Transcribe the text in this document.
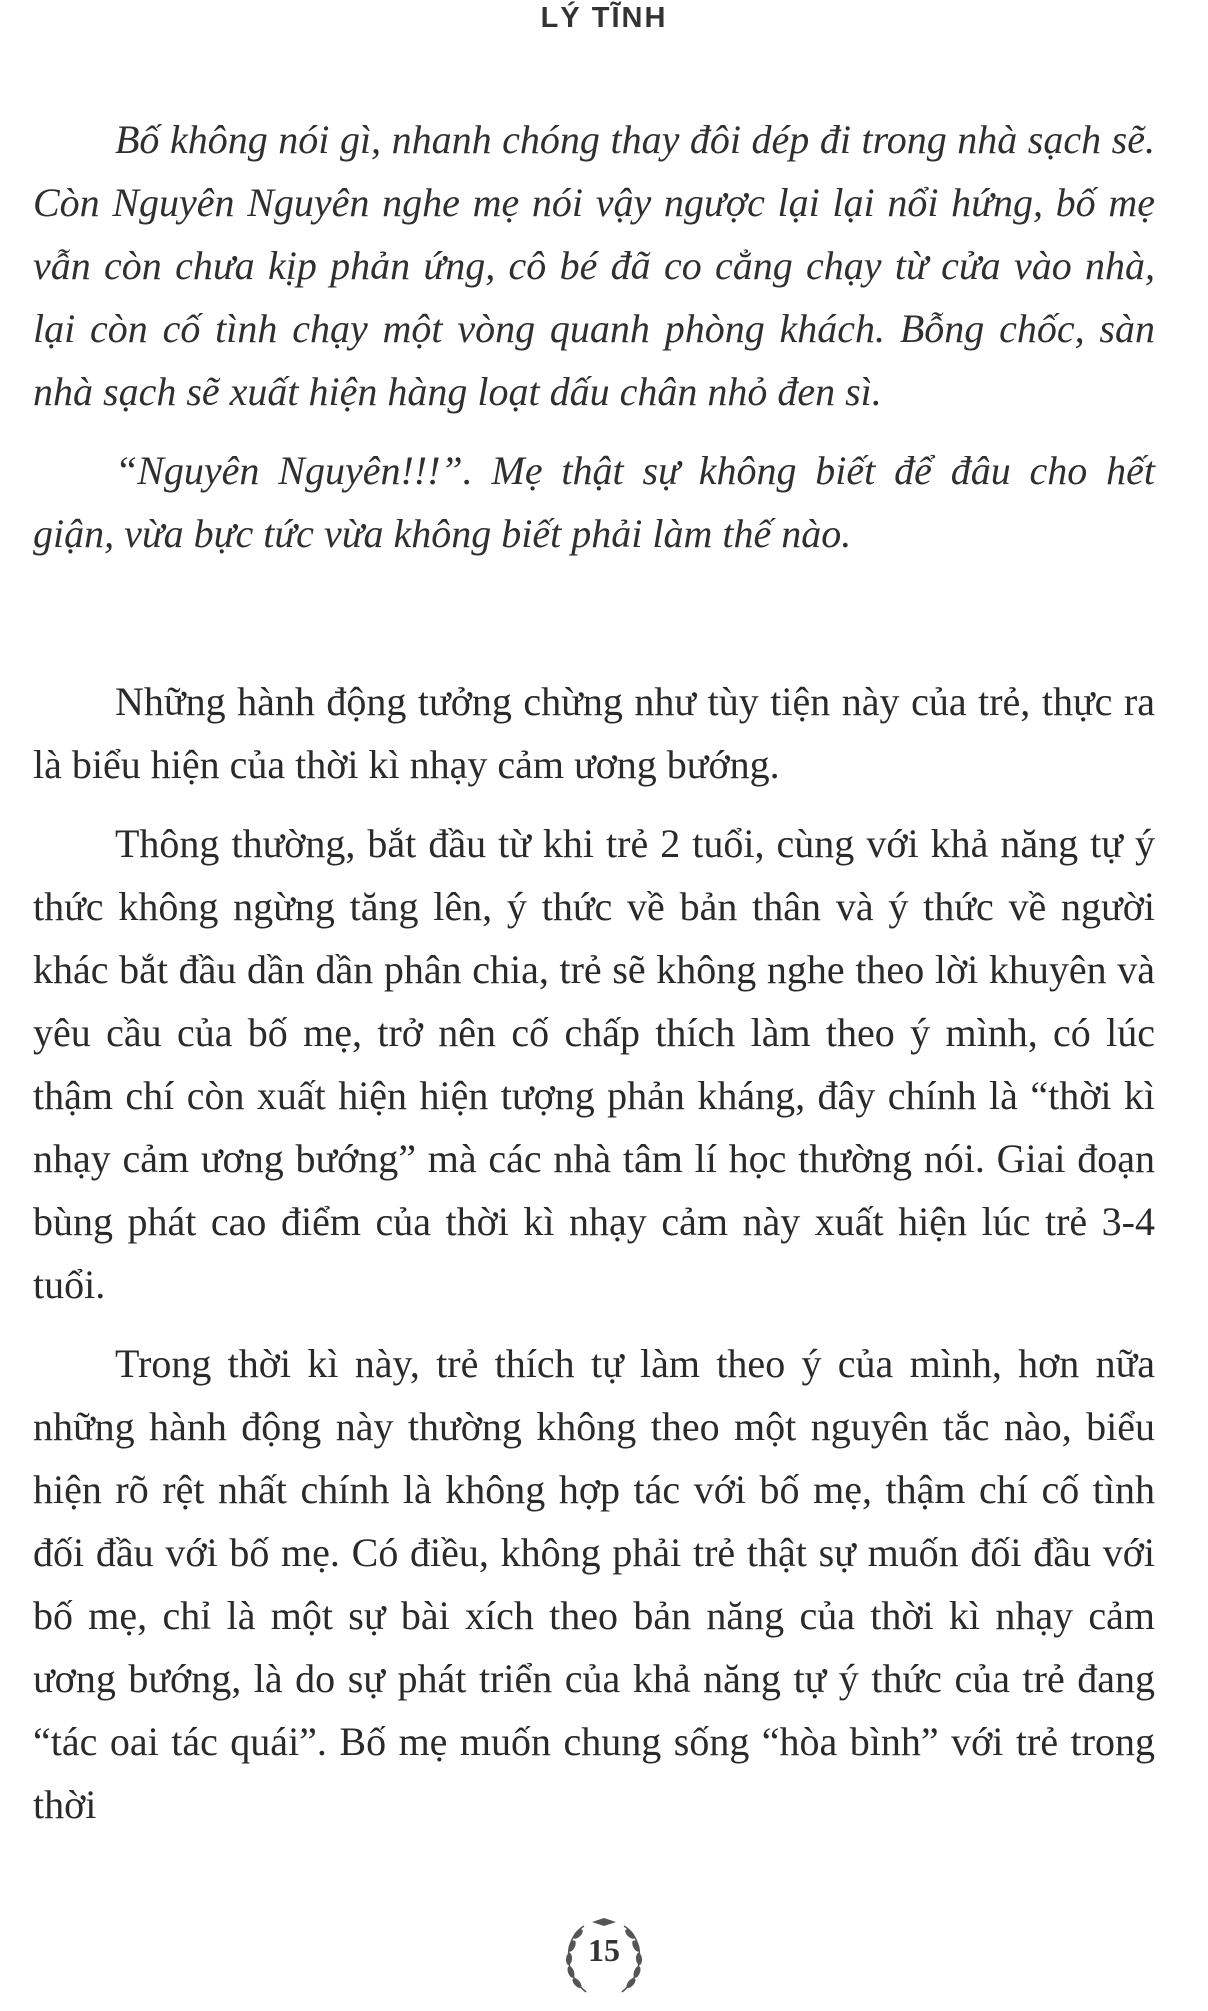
LÝ TĨNH

Bố không nói gì, nhanh chóng thay đôi dép đi trong nhà sạch sẽ. Còn Nguyên Nguyên nghe mẹ nói vậy ngược lại lại nổi hứng, bố mẹ vẫn còn chưa kịp phản ứng, cô bé đã co cẳng chạy từ cửa vào nhà, lại còn cố tình chạy một vòng quanh phòng khách. Bỗng chốc, sàn nhà sạch sẽ xuất hiện hàng loạt dấu chân nhỏ đen sì.

“Nguyên Nguyên!!!”. Mẹ thật sự không biết để đâu cho hết giận, vừa bực tức vừa không biết phải làm thế nào.

Những hành động tưởng chừng như tùy tiện này của trẻ, thực ra là biểu hiện của thời kì nhạy cảm ương bướng.

Thông thường, bắt đầu từ khi trẻ 2 tuổi, cùng với khả năng tự ý thức không ngừng tăng lên, ý thức về bản thân và ý thức về người khác bắt đầu dần dần phân chia, trẻ sẽ không nghe theo lời khuyên và yêu cầu của bố mẹ, trở nên cố chấp thích làm theo ý mình, có lúc thậm chí còn xuất hiện hiện tượng phản kháng, đây chính là “thời kì nhạy cảm ương bướng” mà các nhà tâm lí học thường nói. Giai đoạn bùng phát cao điểm của thời kì nhạy cảm này xuất hiện lúc trẻ 3-4 tuổi.

Trong thời kì này, trẻ thích tự làm theo ý của mình, hơn nữa những hành động này thường không theo một nguyên tắc nào, biểu hiện rõ rệt nhất chính là không hợp tác với bố mẹ, thậm chí cố tình đối đầu với bố mẹ. Có điều, không phải trẻ thật sự muốn đối đầu với bố mẹ, chỉ là một sự bài xích theo bản năng của thời kì nhạy cảm ương bướng, là do sự phát triển của khả năng tự ý thức của trẻ đang “tác oai tác quái”. Bố mẹ muốn chung sống “hòa bình” với trẻ trong thời

15
